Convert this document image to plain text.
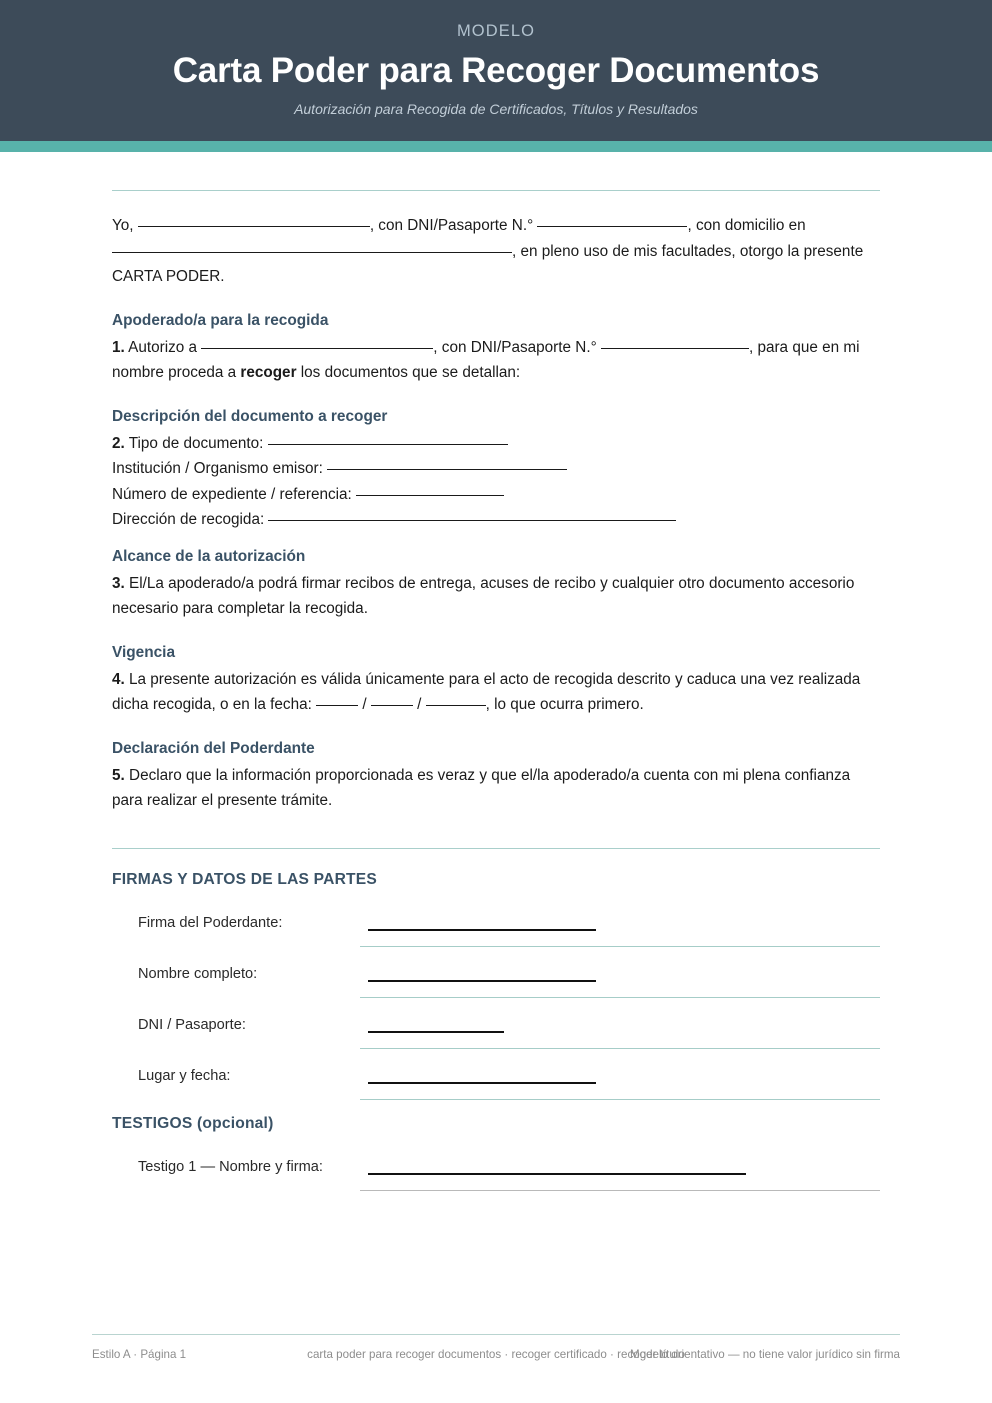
MODELO
Carta Poder para Recoger Documentos
Autorización para Recogida de Certificados, Títulos y Resultados

Yo,	, con DNI/Pasaporte N.°	, con domicilio en , en pleno uso de mis facultades, otorgo la presente CARTA PODER.

Apoderado/a para la recogida

1. Autorizo a	, con DNI/Pasaporte N.°	, para que en mi nombre proceda a recoger los documentos que se detallan:

Descripción del documento a recoger

2. Tipo de documento:

Institución / Organismo emisor:

Número de expediente / referencia:

Dirección de recogida:

Alcance de la autorización

3. El/La apoderado/a podrá firmar recibos de entrega, acuses de recibo y cualquier otro documento accesorio necesario para completar la recogida.

Vigencia

4. La presente autorización es válida únicamente para el acto de recogida descrito y caduca una vez realizada dicha recogida, o en la fecha:	/	/	, lo que ocurra primero.

Declaración del Poderdante

5. Declaro que la información proporcionada es veraz y que el/la apoderado/a cuenta con mi plena confianza para realizar el presente trámite.

FIRMAS Y DATOS DE LAS PARTES
Firma del Poderdante:
Nombre completo:
DNI / Pasaporte:
Lugar y fecha:
TESTIGOS (opcional)
Testigo 1 — Nombre y firma:
Estilo A · Página 1	carta poder para recoger documentos · recoger certificado · recoger título
Modelo orientativo — no tiene valor jurídico sin firma
